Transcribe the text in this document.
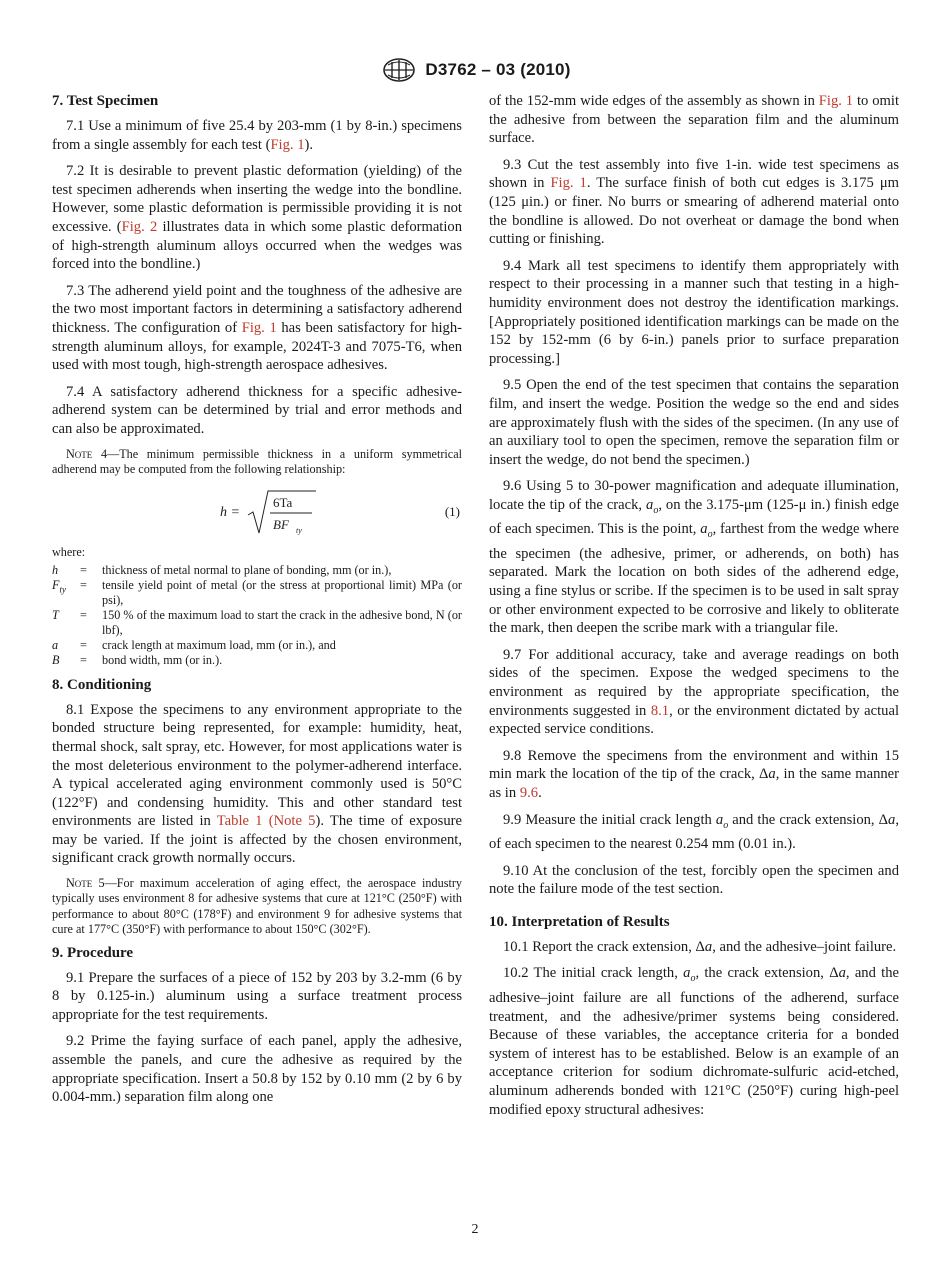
D3762 – 03 (2010)
7. Test Specimen

7.1 Use a minimum of five 25.4 by 203-mm (1 by 8-in.) specimens from a single assembly for each test (Fig. 1).

7.2 It is desirable to prevent plastic deformation (yielding) of the test specimen adherends when inserting the wedge into the bondline. However, some plastic deformation is permissible providing it is not excessive. (Fig. 2 illustrates data in which some plastic deformation of high-strength aluminum alloys occurred when the wedges was forced into the bondline.)

7.3 The adherend yield point and the toughness of the adhesive are the two most important factors in determining a satisfactory adherend thickness. The configuration of Fig. 1 has been satisfactory for high-strength aluminum alloys, for example, 2024T-3 and 7075-T6, when used with most tough, high-strength aerospace adhesives.

7.4 A satisfactory adherend thickness for a specific adhesive-adherend system can be determined by trial and error methods and can also be approximated.

Note 4—The minimum permissible thickness in a uniform symmetrical adherend may be computed from the following relationship:

h =
6Ta
BF ty
(1)
where:
h	=	thickness of metal normal to plane of bonding, mm (or in.),
$F_{ty}$	=	tensile yield point of metal (or the stress at proportional limit) MPa (or psi),
T	=	150 % of the maximum load to start the crack in the adhesive bond, N (or lbf),
a	=	crack length at maximum load, mm (or in.), and
B	=	bond width, mm (or in.).
8. Conditioning

8.1 Expose the specimens to any environment appropriate to the bonded structure being represented, for example: humidity, heat, thermal shock, salt spray, etc. However, for most applications water is the most deleterious environment to the polymer-adherend interface. A typical accelerated aging environment commonly used is 50°C (122°F) and condensing humidity. This and other standard test environments are listed in Table 1 (Note 5). The time of exposure may be varied. If the joint is affected by the chosen environment, significant crack growth normally occurs.

Note 5—For maximum acceleration of aging effect, the aerospace industry typically uses environment 8 for adhesive systems that cure at 121°C (250°F) with performance to about 80°C (178°F) and environment 9 for adhesive systems that cure at 177°C (350°F) with performance to about 150°C (302°F).

9. Procedure

9.1 Prepare the surfaces of a piece of 152 by 203 by 3.2-mm (6 by 8 by 0.125-in.) aluminum using a surface treatment process appropriate for the test requirements.

9.2 Prime the faying surface of each panel, apply the adhesive, assemble the panels, and cure the adhesive as required by the appropriate specification. Insert a 50.8 by 152 by 0.10 mm (2 by 6 by 0.004-mm.) separation film along one

of the 152-mm wide edges of the assembly as shown in Fig. 1 to omit the adhesive from between the separation film and the aluminum surface.

9.3 Cut the test assembly into five 1-in. wide test specimens as shown in Fig. 1. The surface finish of both cut edges is 3.175 μm (125 μin.) or finer. No burrs or smearing of adherend material onto the bondline is allowed. Do not overheat or damage the bond when cutting or finishing.

9.4 Mark all test specimens to identify them appropriately with respect to their processing in a manner such that testing in a high-humidity environment does not destroy the identification markings. [Appropriately positioned identification markings can be made on the 152 by 152-mm (6 by 6-in.) panels prior to surface preparation processing.]

9.5 Open the end of the test specimen that contains the separation film, and insert the wedge. Position the wedge so the end and sides are approximately flush with the sides of the specimen. (In any use of an auxiliary tool to open the specimen, remove the separation film or insert the wedge, do not bend the specimen.)

9.6 Using 5 to 30-power magnification and adequate illumination, locate the tip of the crack, $a_o$, on the 3.175-μm (125-μ in.) finish edge of each specimen. This is the point, $a_o$, farthest from the wedge where the specimen (the adhesive, primer, or adherends, on both) has separated. Mark the location on both sides of the adherend edge, using a fine stylus or scribe. If the specimen is to be used in salt spray or other environment expected to be corrosive and likely to obliterate the mark, then deepen the scribe mark with a triangular file.

9.7 For additional accuracy, take and average readings on both sides of the specimen. Expose the wedged specimens to the environment as required by the appropriate specification, the environments suggested in 8.1, or the environment dictated by actual expected service conditions.

9.8 Remove the specimens from the environment and within 15 min mark the location of the tip of the crack, Δa, in the same manner as in 9.6.

9.9 Measure the initial crack length $a_o$ and the crack extension, Δa, of each specimen to the nearest 0.254 mm (0.01 in.).

9.10 At the conclusion of the test, forcibly open the specimen and note the failure mode of the test section.

10. Interpretation of Results

10.1 Report the crack extension, Δa, and the adhesive–joint failure.

10.2 The initial crack length, $a_o$, the crack extension, Δa, and the adhesive–joint failure are all functions of the adherend, surface treatment, and the adhesive/primer systems being considered. Because of these variables, the acceptance criteria for a bonded system of interest has to be established. Below is an example of an acceptance criterion for sodium dichromate-sulfuric acid-etched, aluminum adherends bonded with 121°C (250°F) curing high-peel modified epoxy structural adhesives:

2
